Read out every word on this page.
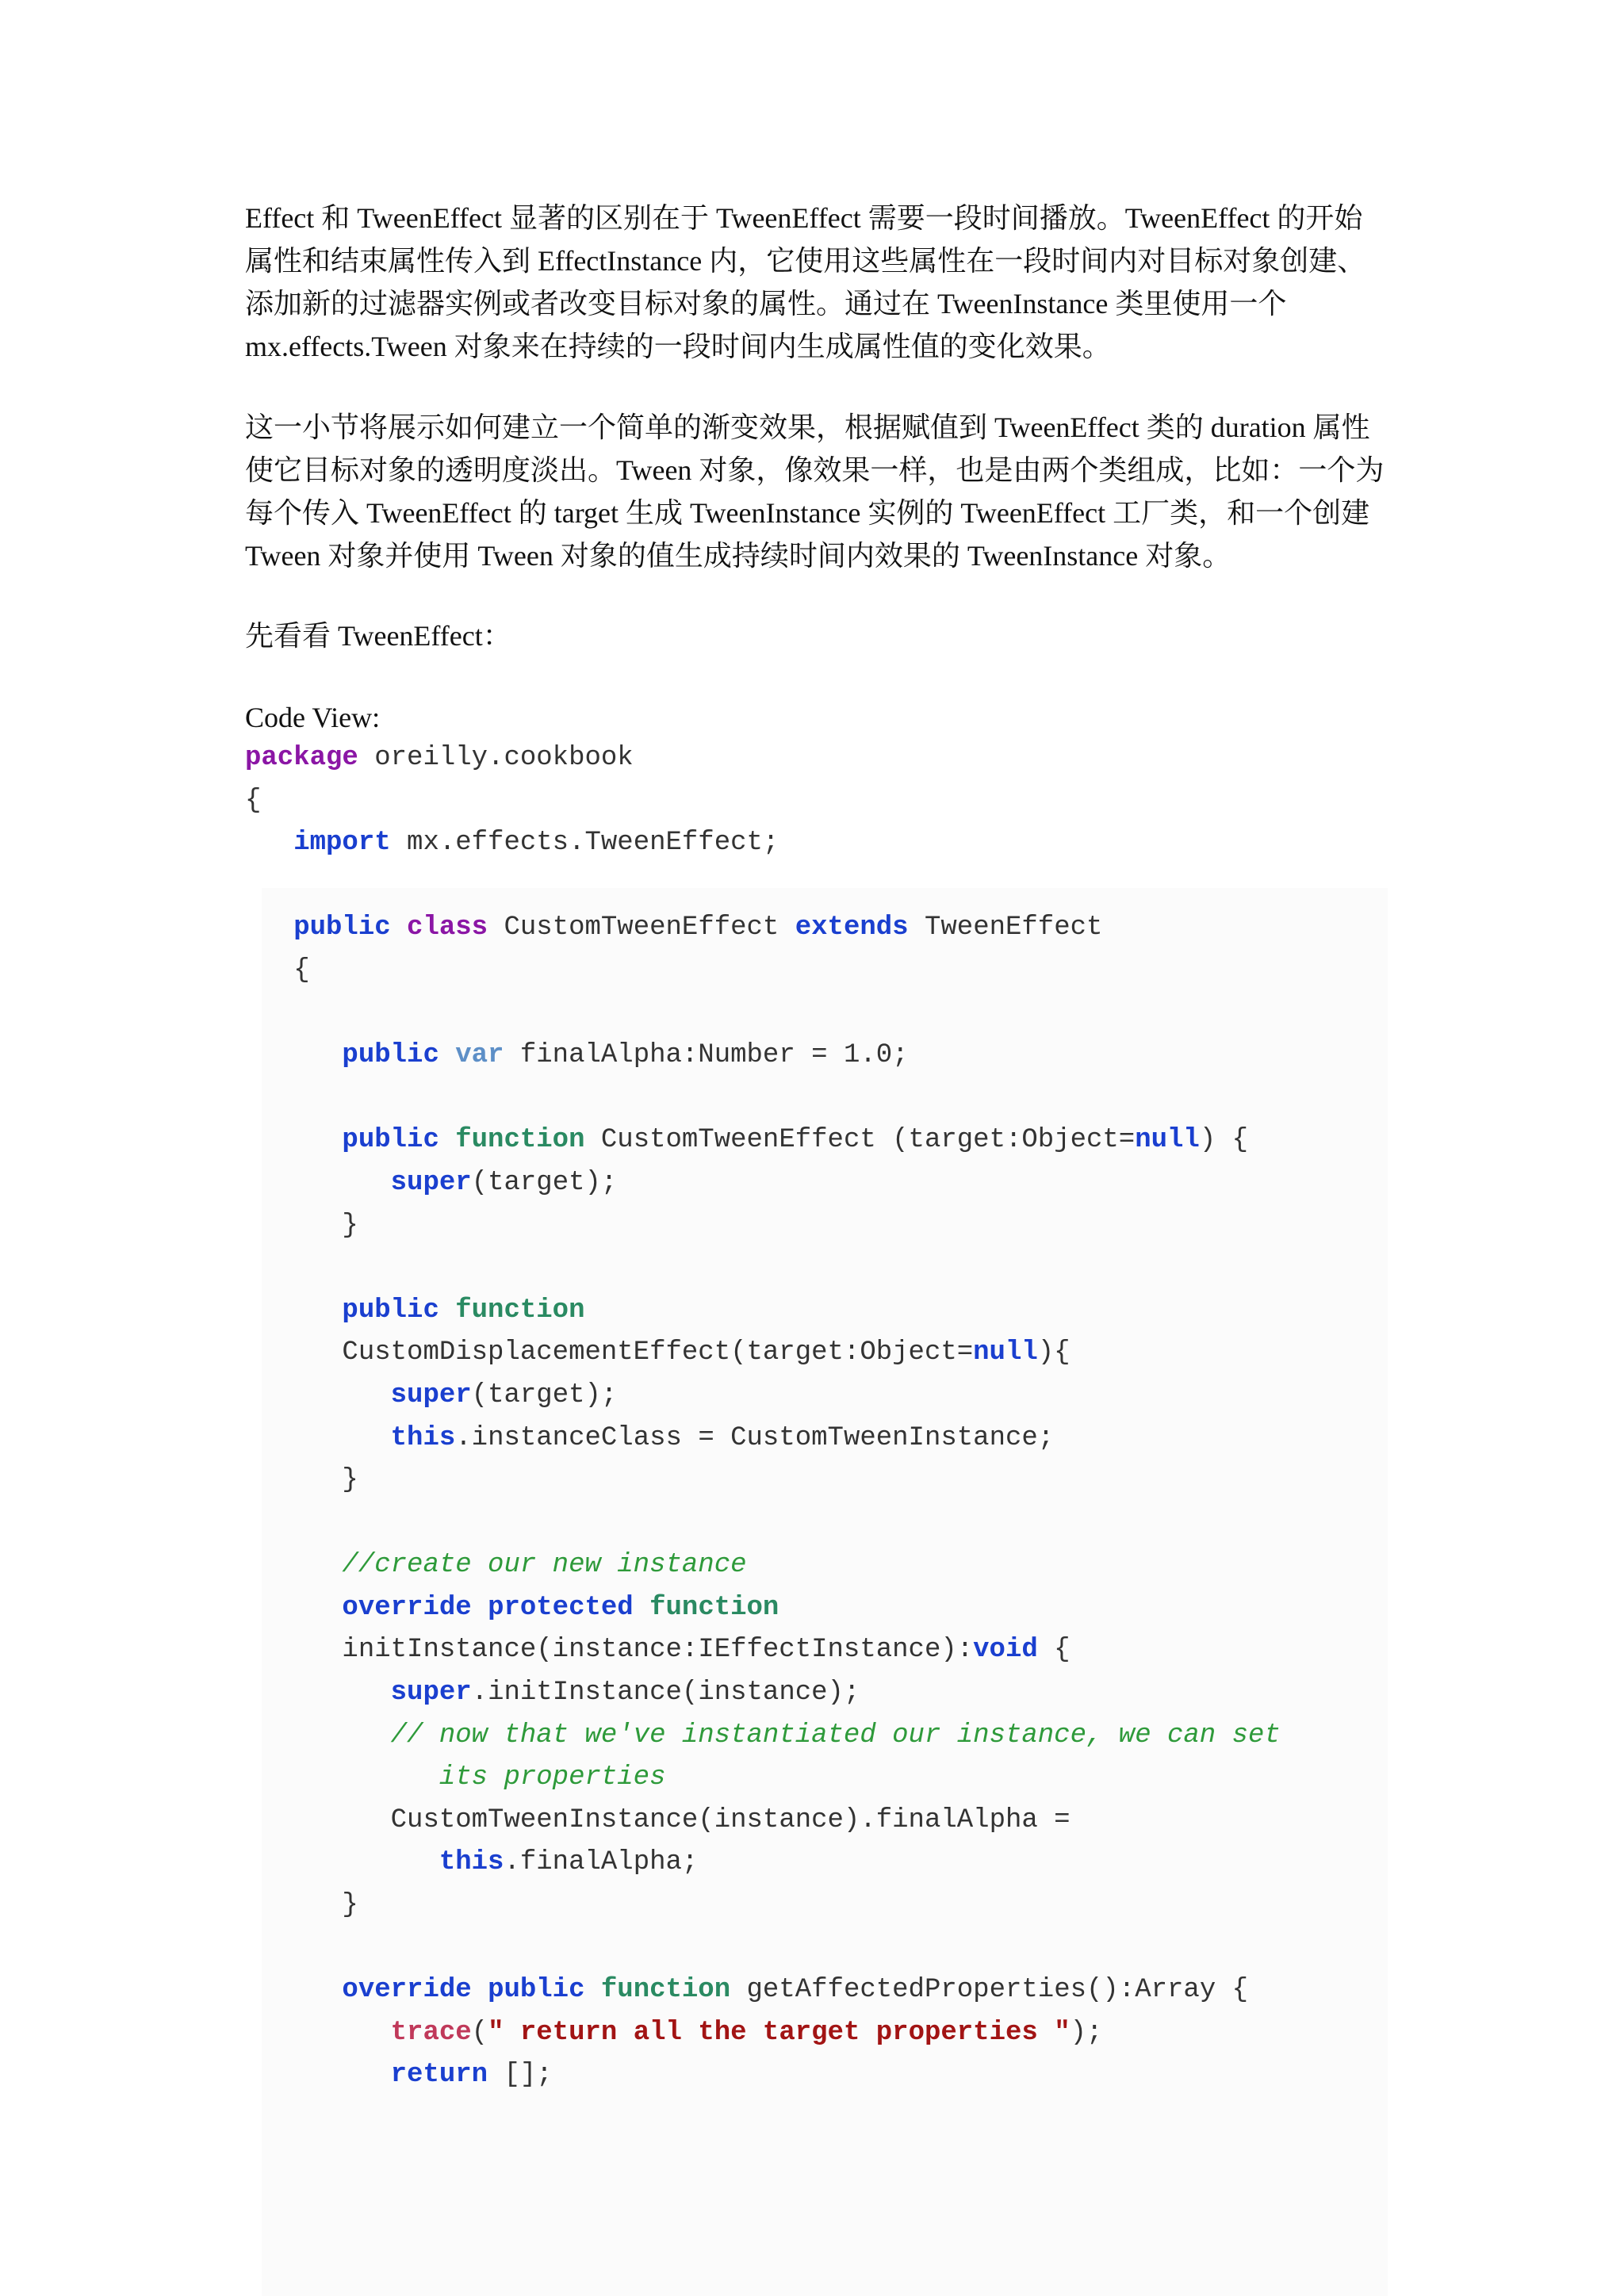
Effect 和 TweenEffect 显著的区别在于 TweenEffect 需要一段时间播放。TweenEffect 的开始
属性和结束属性传入到 EffectInstance 内，它使用这些属性在一段时间内对目标对象创建、
添加新的过滤器实例或者改变目标对象的属性。通过在 TweenInstance 类里使用一个
mx.effects.Tween 对象来在持续的一段时间内生成属性值的变化效果。
这一小节将展示如何建立一个简单的渐变效果，根据赋值到 TweenEffect 类的 duration 属性
使它目标对象的透明度淡出。Tween 对象，像效果一样，也是由两个类组成，比如：一个为
每个传入 TweenEffect 的 target 生成 TweenInstance 实例的 TweenEffect 工厂类，和一个创建
Tween 对象并使用 Tween 对象的值生成持续时间内效果的 TweenInstance 对象。
先看看 TweenEffect：
Code View:
package oreilly.cookbook
{
import mx.effects.TweenEffect;
public class CustomTweenEffect extends TweenEffect
{
public var finalAlpha:Number = 1.0;
public function CustomTweenEffect (target:Object=null) {
super(target);
}
public function
CustomDisplacementEffect(target:Object=null){
super(target);
this.instanceClass = CustomTweenInstance;
}
//create our new instance
override protected function
initInstance(instance:IEffectInstance):void {
super.initInstance(instance);
// now that we've instantiated our instance, we can set
its properties
CustomTweenInstance(instance).finalAlpha =
this.finalAlpha;
}
override public function getAffectedProperties():Array {
trace(" return all the target properties ");
return [];
